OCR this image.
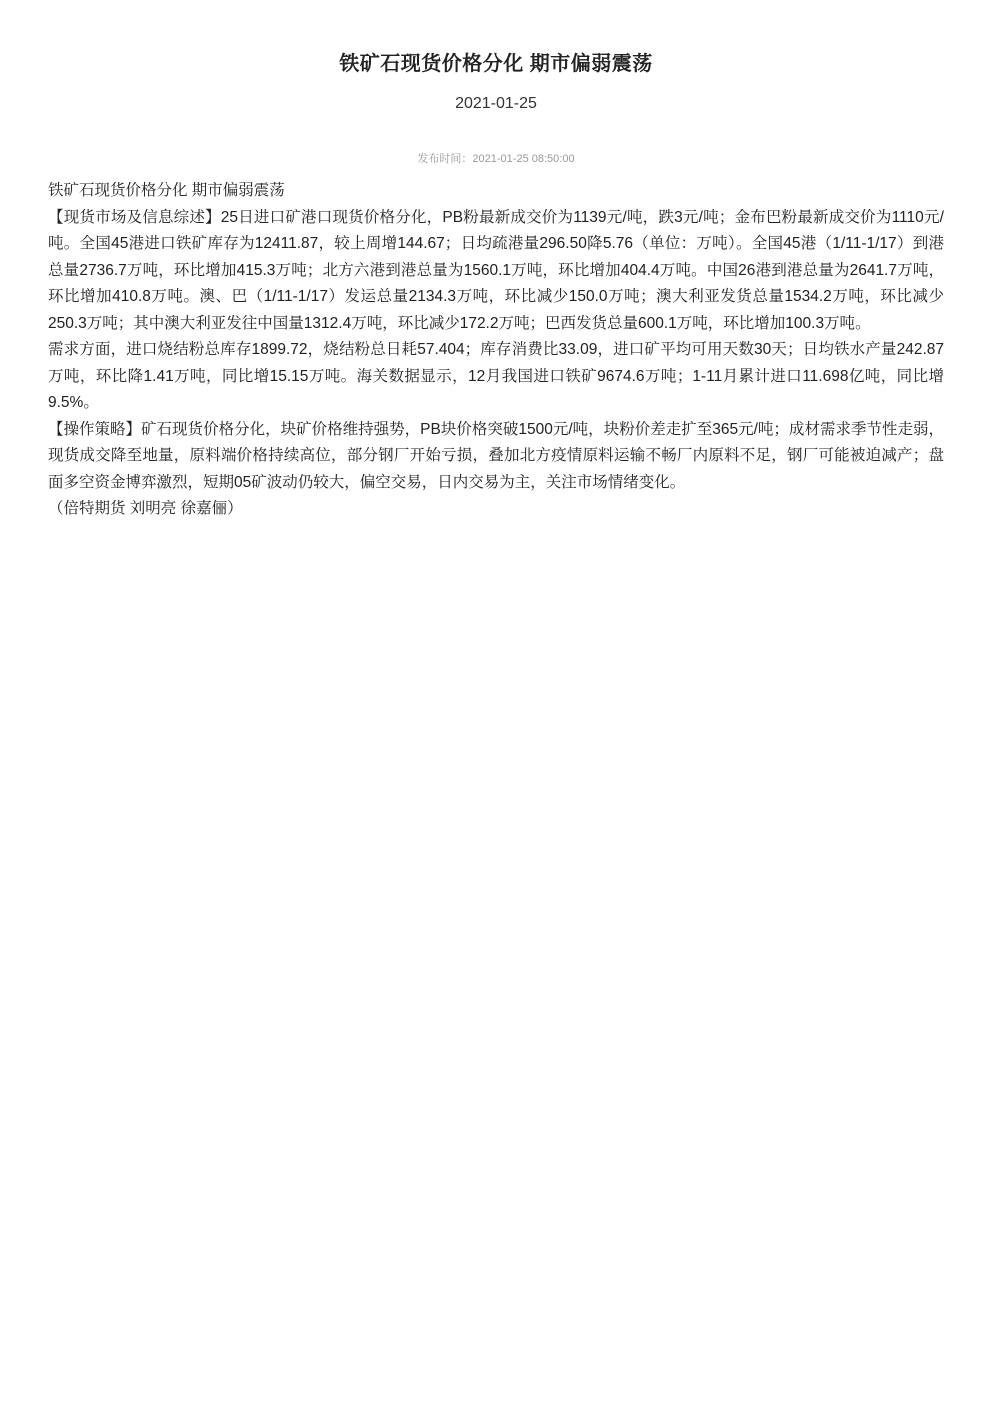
铁矿石现货价格分化 期市偏弱震荡
2021-01-25
发布时间：2021-01-25 08:50:00

铁矿石现货价格分化 期市偏弱震荡

【现货市场及信息综述】25日进口矿港口现货价格分化，PB粉最新成交价为1139元/吨，跌3元/吨；金布巴粉最新成交价为1110元/吨。全国45港进口铁矿库存为12411.87，较上周增144.67；日均疏港量296.50降5.76（单位：万吨）。全国45港（1/11-1/17）到港总量2736.7万吨，环比增加415.3万吨；北方六港到港总量为1560.1万吨，环比增加404.4万吨。中国26港到港总量为2641.7万吨，环比增加410.8万吨。澳、巴（1/11-1/17）发运总量2134.3万吨，环比减少150.0万吨；澳大利亚发货总量1534.2万吨，环比减少250.3万吨；其中澳大利亚发往中国量1312.4万吨，环比减少172.2万吨；巴西发货总量600.1万吨，环比增加100.3万吨。

需求方面，进口烧结粉总库存1899.72，烧结粉总日耗57.404；库存消费比33.09，进口矿平均可用天数30天；日均铁水产量242.87万吨，环比降1.41万吨，同比增15.15万吨。海关数据显示，12月我国进口铁矿9674.6万吨；1-11月累计进口11.698亿吨，同比增9.5%。

【操作策略】矿石现货价格分化，块矿价格维持强势，PB块价格突破1500元/吨，块粉价差走扩至365元/吨；成材需求季节性走弱，现货成交降至地量，原料端价格持续高位，部分钢厂开始亏损，叠加北方疫情原料运输不畅厂内原料不足，钢厂可能被迫减产；盘面多空资金博弈激烈，短期05矿波动仍较大，偏空交易，日内交易为主，关注市场情绪变化。

（倍特期货 刘明亮 徐嘉俪）
